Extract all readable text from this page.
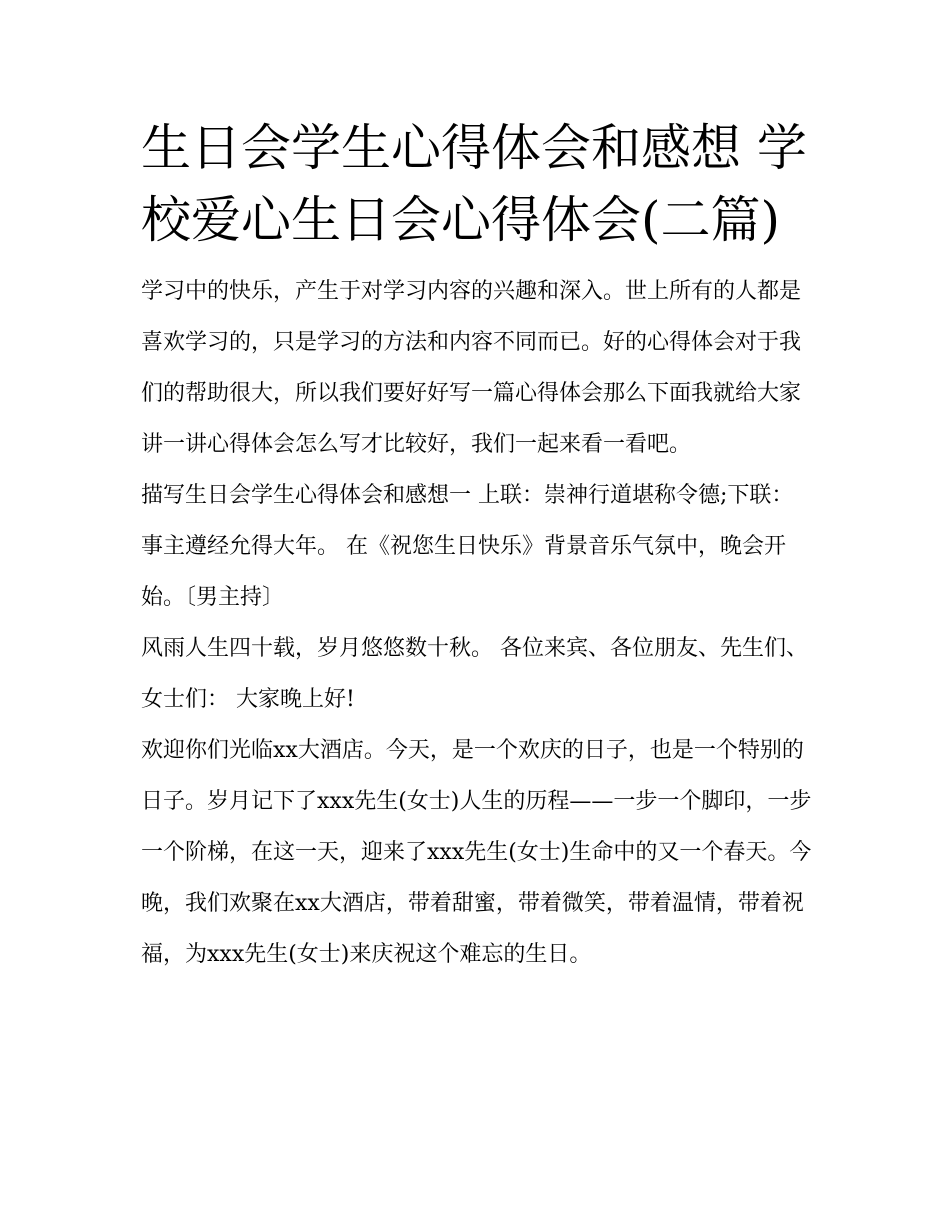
生日会学生心得体会和感想 学校爱心生日会心得体会(二篇)

学习中的快乐，产生于对学习内容的兴趣和深入。世上所有的人都是喜欢学习的，只是学习的方法和内容不同而已。好的心得体会对于我们的帮助很大，所以我们要好好写一篇心得体会那么下面我就给大家讲一讲心得体会怎么写才比较好，我们一起来看一看吧。

描写生日会学生心得体会和感想一 上联：崇神行道堪称令德;下联：事主遵经允得大年。 在《祝您生日快乐》背景音乐气氛中，晚会开始。〔男主持〕

风雨人生四十载，岁月悠悠数十秋。 各位来宾、各位朋友、先生们、女士们： 大家晚上好!

欢迎你们光临xx大酒店。今天，是一个欢庆的日子，也是一个特别的日子。岁月记下了xxx先生(女士)人生的历程——一步一个脚印，一步一个阶梯，在这一天，迎来了xxx先生(女士)生命中的又一个春天。今晚，我们欢聚在xx大酒店，带着甜蜜，带着微笑，带着温情，带着祝福，为xxx先生(女士)来庆祝这个难忘的生日。
